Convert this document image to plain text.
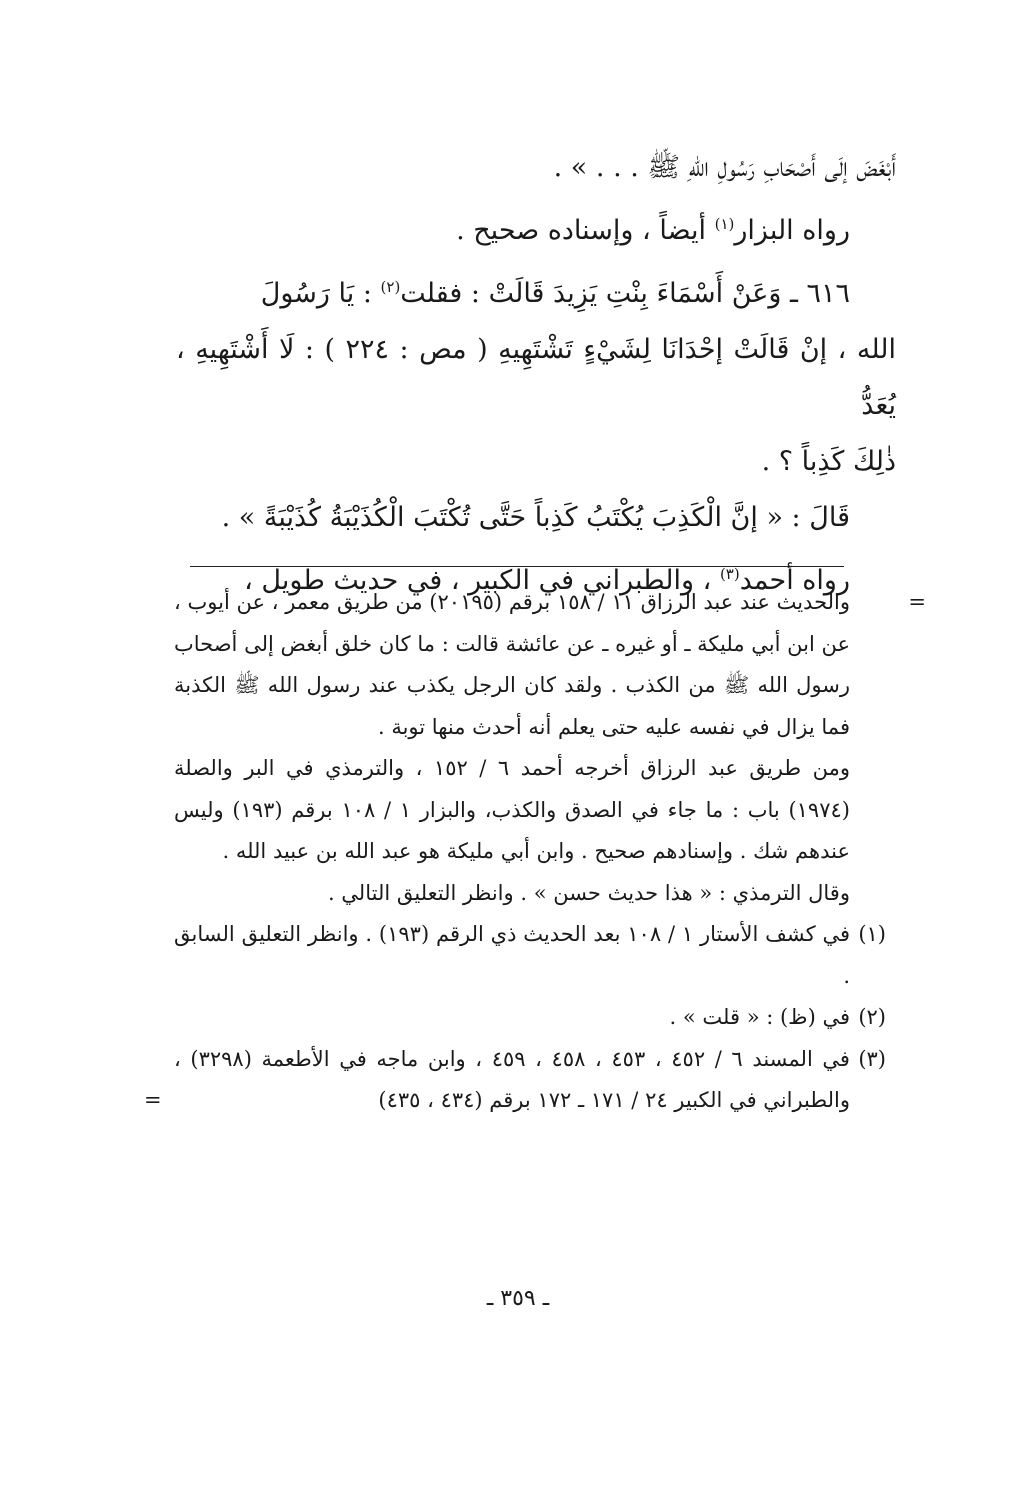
أَبْغَضَ إلَى أَصْحَابِ رَسُولِ اللهِ ﷺ . . . » .

رواه البزار$^{(١)}$ أيضاً ، وإسناده صحيح .

٦١٦ ـ وَعَنْ أَسْمَاءَ بِنْتِ يَزِيدَ قَالَتْ : فقلت$^{(٢)}$ : يَا رَسُولَ

الله ، إنْ قَالَتْ إحْدَانَا لِشَيْءٍ تَشْتَهِيهِ ( مص : ٢٢٤ ) : لَا أَشْتَهِيهِ ، يُعَدُّ

ذٰلِكَ كَذِباً ؟ .

قَالَ : « إنَّ الْكَذِبَ يُكْتَبُ كَذِباً حَتَّى تُكْتَبَ الْكُذَيْبَةُ كُذَيْبَةً » .

رواه أحمد$^{(٣)}$ ، والطبراني في الكبير ، في حديث طويل ،

=

والحديث عند عبد الرزاق ١١ / ١٥٨ برقم (٢٠١٩٥) من طريق معمر ، عن أيوب ، عن ابن أبي مليكة ـ أو غيره ـ عن عائشة قالت : ما كان خلق أبغض إلى أصحاب رسول الله ﷺ من الكذب . ولقد كان الرجل يكذب عند رسول الله ﷺ الكذبة فما يزال في نفسه عليه حتى يعلم أنه أحدث منها توبة .

ومن طريق عبد الرزاق أخرجه أحمد ٦ / ١٥٢ ، والترمذي في البر والصلة (١٩٧٤) باب : ما جاء في الصدق والكذب، والبزار ١ / ١٠٨ برقم (١٩٣) وليس عندهم شك . وإسنادهم صحيح . وابن أبي مليكة هو عبد الله بن عبيد الله .

وقال الترمذي : « هذا حديث حسن » . وانظر التعليق التالي .

(١)
في كشف الأستار ١ / ١٠٨ بعد الحديث ذي الرقم (١٩٣) . وانظر التعليق السابق .

(٢)
في (ظ) : « قلت » .

(٣)
في المسند ٦ / ٤٥٢ ، ٤٥٣ ، ٤٥٨ ، ٤٥٩ ، وابن ماجه في الأطعمة (٣٢٩٨) ، والطبراني في الكبير ٢٤ / ١٧١ ـ ١٧٢ برقم (٤٣٤ ، ٤٣٥)
=

ـ ٣٥٩ ـ
